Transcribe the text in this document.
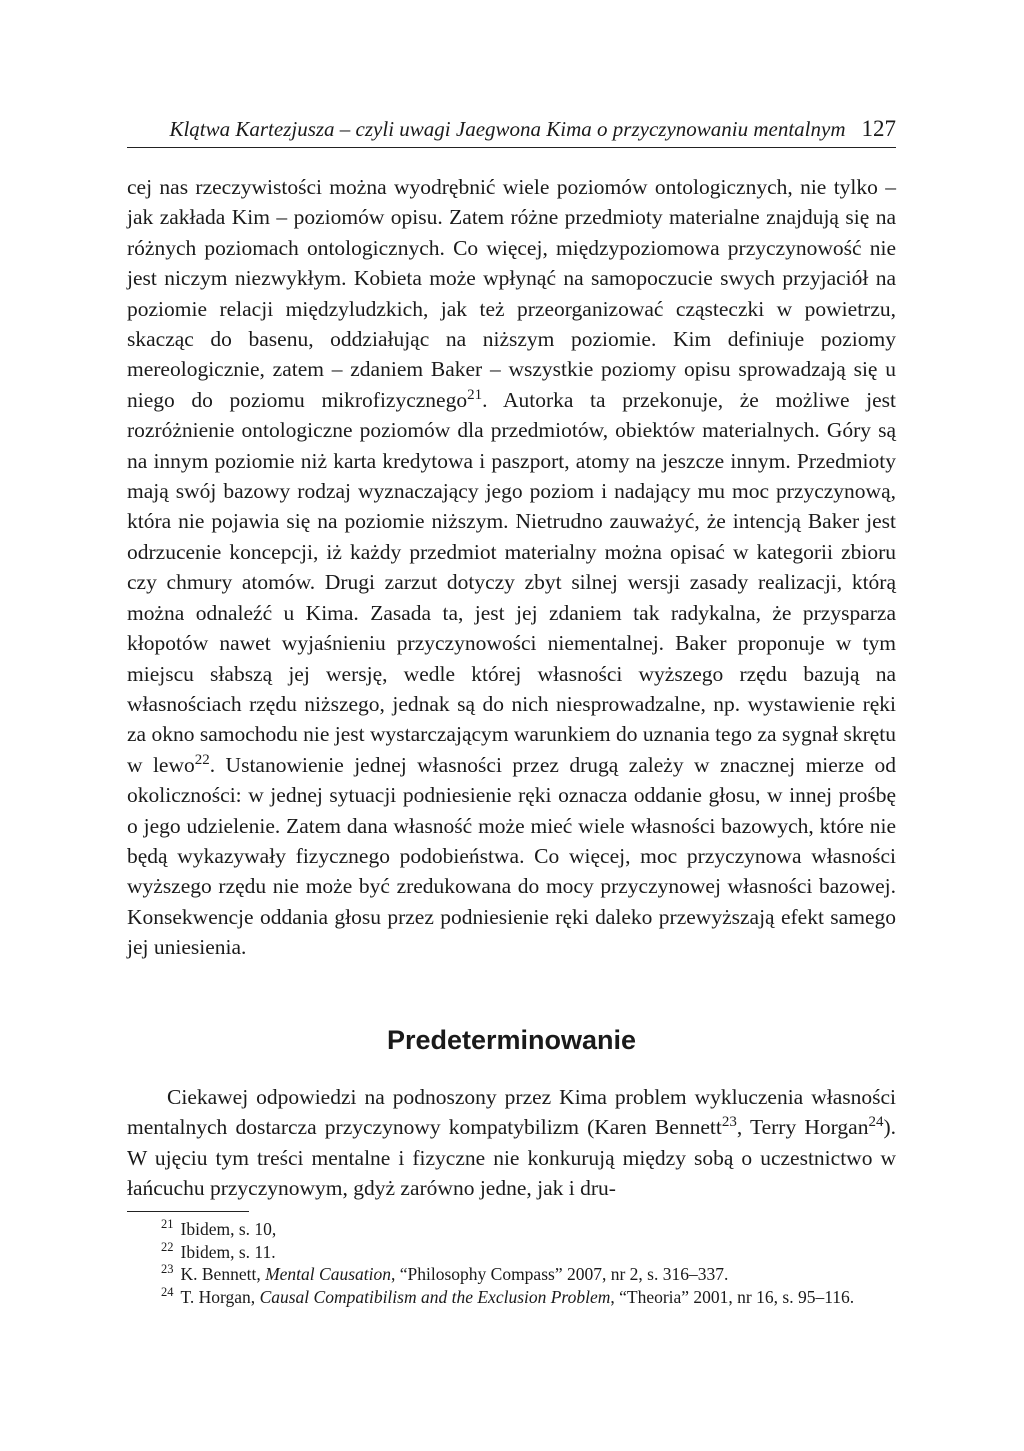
Klątwa Kartezjusza – czyli uwagi Jaegwona Kima o przyczynowaniu mentalnym 127

cej nas rzeczywistości można wyodrębnić wiele poziomów ontologicznych, nie tylko – jak zakłada Kim – poziomów opisu. Zatem różne przedmioty materialne znajdują się na różnych poziomach ontologicznych. Co więcej, międzypoziomowa przyczynowość nie jest niczym niezwykłym. Kobieta może wpłynąć na samopoczucie swych przyjaciół na poziomie relacji międzyludzkich, jak też przeorganizować cząsteczki w powietrzu, skacząc do basenu, oddziałując na niższym poziomie. Kim definiuje poziomy mereologicznie, zatem – zdaniem Baker – wszystkie poziomy opisu sprowadzają się u niego do poziomu mikrofizycznego$^{21}$. Autorka ta przekonuje, że możliwe jest rozróżnienie ontologiczne poziomów dla przedmiotów, obiektów materialnych. Góry są na innym poziomie niż karta kredytowa i paszport, atomy na jeszcze innym. Przedmioty mają swój bazowy rodzaj wyznaczający jego poziom i nadający mu moc przyczynową, która nie pojawia się na poziomie niższym. Nietrudno zauważyć, że intencją Baker jest odrzucenie koncepcji, iż każdy przedmiot materialny można opisać w kategorii zbioru czy chmury atomów. Drugi zarzut dotyczy zbyt silnej wersji zasady realizacji, którą można odnaleźć u Kima. Zasada ta, jest jej zdaniem tak radykalna, że przysparza kłopotów nawet wyjaśnieniu przyczynowości niementalnej. Baker proponuje w tym miejscu słabszą jej wersję, wedle której własności wyższego rzędu bazują na własnościach rzędu niższego, jednak są do nich niesprowadzalne, np. wystawienie ręki za okno samochodu nie jest wystarczającym warunkiem do uznania tego za sygnał skrętu w lewo$^{22}$. Ustanowienie jednej własności przez drugą zależy w znacznej mierze od okoliczności: w jednej sytuacji podniesienie ręki oznacza oddanie głosu, w innej prośbę o jego udzielenie. Zatem dana własność może mieć wiele własności bazowych, które nie będą wykazywały fizycznego podobieństwa. Co więcej, moc przyczynowa własności wyższego rzędu nie może być zredukowana do mocy przyczynowej własności bazowej. Konsekwencje oddania głosu przez podniesienie ręki daleko przewyższają efekt samego jej uniesienia.

Predeterminowanie

Ciekawej odpowiedzi na podnoszony przez Kima problem wykluczenia własności mentalnych dostarcza przyczynowy kompatybilizm (Karen Bennett$^{23}$, Terry Horgan$^{24}$). W ujęciu tym treści mentalne i fizyczne nie konkurują między sobą o uczestnictwo w łańcuchu przyczynowym, gdyż zarówno jedne, jak i dru-

$^{21}$ Ibidem, s. 10,

$^{22}$ Ibidem, s. 11.

$^{23}$ K. Bennett, Mental Causation, “Philosophy Compass” 2007, nr 2, s. 316–337.

$^{24}$ T. Horgan, Causal Compatibilism and the Exclusion Problem, “Theoria” 2001, nr 16, s. 95–116.
